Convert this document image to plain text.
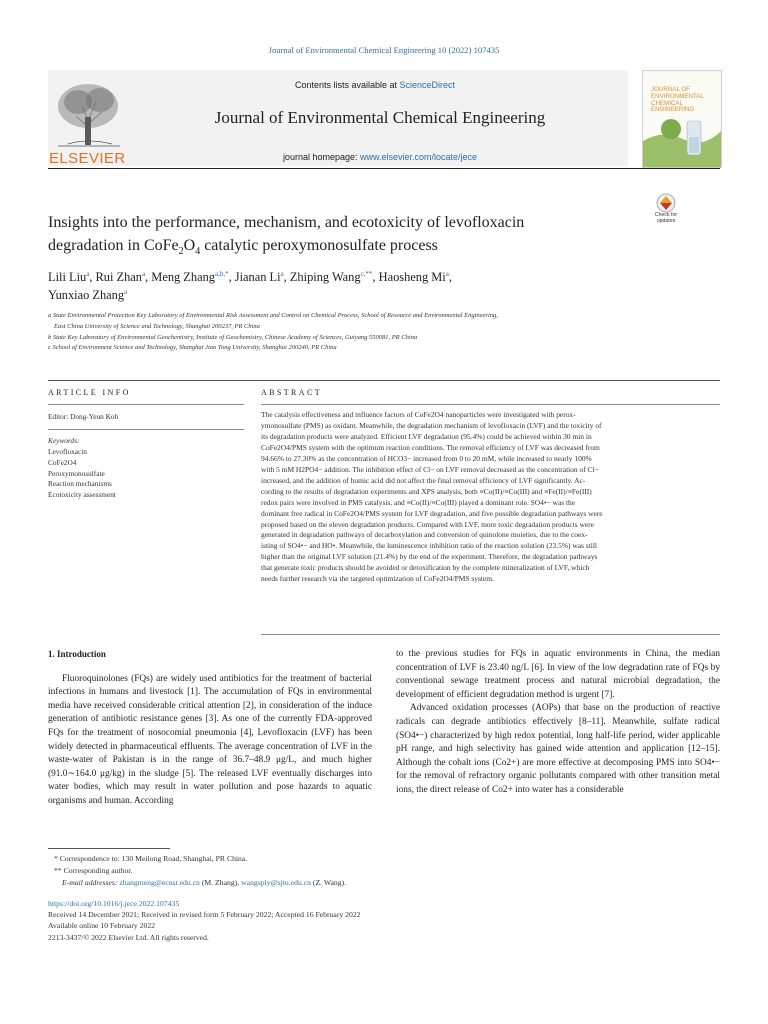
Journal of Environmental Chemical Engineering 10 (2022) 107435
ELSEVIER
Contents lists available at ScienceDirect
Journal of Environmental Chemical Engineering
journal homepage: www.elsevier.com/locate/jece
JOURNAL OF ENVIRONMENTAL CHEMICAL ENGINEERING
Check for updates
Insights into the performance, mechanism, and ecotoxicity of levofloxacin
degradation in $CoFe_2O_4$ catalytic peroxymonosulfate process
Lili Liu$^a$, Rui Zhan$^a$, Meng Zhang$^{a,b,*}$, Jianan Li$^a$, Zhiping Wang$^{c,**}$, Haosheng Mi$^a$,
Yunxiao Zhang$^a$
a State Environmental Protection Key Laboratory of Environmental Risk Assessment and Control on Chemical Process, School of Resource and Environmental Engineering,
East China University of Science and Technology, Shanghai 200237, PR China
b State Key Laboratory of Environmental Geochemistry, Institute of Geochemistry, Chinese Academy of Sciences, Guiyang 550081, PR China
c School of Environment Science and Technology, Shanghai Jiao Tong University, Shanghai 200240, PR China
ARTICLE INFO
Editor: Dong-Yeun Koh
Keywords:
Levofloxacin
CoFe2O4
Peroxymonosulfate
Reaction mechanisms
Ecotoxicity assessment
ABSTRACT
The catalysis effectiveness and influence factors of CoFe2O4 nanoparticles were investigated with perox-
ymonosulfate (PMS) as oxidant. Meanwhile, the degradation mechanism of levofloxacin (LVF) and the toxicity of
its degradation products were analyzed. Efficient LVF degradation (95.4%) could be achieved within 30 min in
CoFe2O4/PMS system with the optimum reaction conditions. The removal efficiency of LVF was decreased from
94.66% to 27.30% as the concentration of HCO3− increased from 0 to 20 mM, while increased to nearly 100%
with 5 mM H2PO4− addition. The inhibition effect of Cl− on LVF removal decreased as the concentration of Cl−
increased, and the addition of humic acid did not affect the final removal efficiency of LVF significantly. Ac-
cording to the results of degradation experiments and XPS analysis, both ≡Co(II)/≡Co(III) and ≡Fe(II)/≡Fe(III)
redox pairs were involved in PMS catalysis, and ≡Co(II)/≡Co(III) played a dominant role. SO4•− was the
dominant free radical in CoFe2O4/PMS system for LVF degradation, and five possible degradation pathways were
proposed based on the eleven degradation products. Compared with LVF, more toxic degradation products were
generated in degradation pathways of decarboxylation and conversion of quinolone moieties, due to the coex-
isting of SO4•− and HO•. Meanwhile, the luminescence inhibition ratio of the reaction solution (23.5%) was still
higher than the original LVF solution (21.4%) by the end of the experiment. Therefore, the degradation pathways
that generate toxic products should be avoided or detoxification by the complete mineralization of LVF, which
needs further research via the targeted optimization of CoFe2O4/PMS system.
1. Introduction

Fluoroquinolones (FQs) are widely used antibiotics for the treatment of bacterial infections in humans and livestock [1]. The accumulation of FQs in environmental media have received considerable critical attention [2], in consideration of the induce generation of antibiotic resistance genes [3]. As one of the currently FDA-approved FQs for the treatment of nosocomial pneumonia [4], Levofloxacin (LVF) has been widely detected in pharmaceutical effluents. The average concentration of LVF in the waste-water of Pakistan is in the range of 36.7–48.9 μg/L, and much higher (91.0∼164.0 μg/kg) in the sludge [5]. The released LVF eventually discharges into water bodies, which may result in water pollution and pose hazards to aquatic organisms and human. According

to the previous studies for FQs in aquatic environments in China, the median concentration of LVF is 23.40 ng/L [6]. In view of the low degradation rate of FQs by conventional sewage treatment process and natural microbial degradation, the development of efficient degradation method is urgent [7].

Advanced oxidation processes (AOPs) that base on the production of reactive radicals can degrade antibiotics effectively [8–11]. Meanwhile, sulfate radical (SO4•−) characterized by high redox potential, long half-life period, wider applicable pH range, and high selectivity has gained wide attention and application [12–15]. Although the cobalt ions (Co2+) are more effective at decomposing PMS into SO4•− for the removal of refractory organic pollutants compared with other transition metal ions, the direct release of Co2+ into water has a considerable

* Correspondence to: 130 Meilong Road, Shanghai, PR China.
** Corresponding author.
E-mail addresses: zhangmeng@ecust.edu.cn (M. Zhang), wangsply@sjtu.edu.cn (Z. Wang).
https://doi.org/10.1016/j.jece.2022.107435
Received 14 December 2021; Received in revised form 5 February 2022; Accepted 16 February 2022
Available online 10 February 2022
2213-3437/© 2022 Elsevier Ltd. All rights reserved.
